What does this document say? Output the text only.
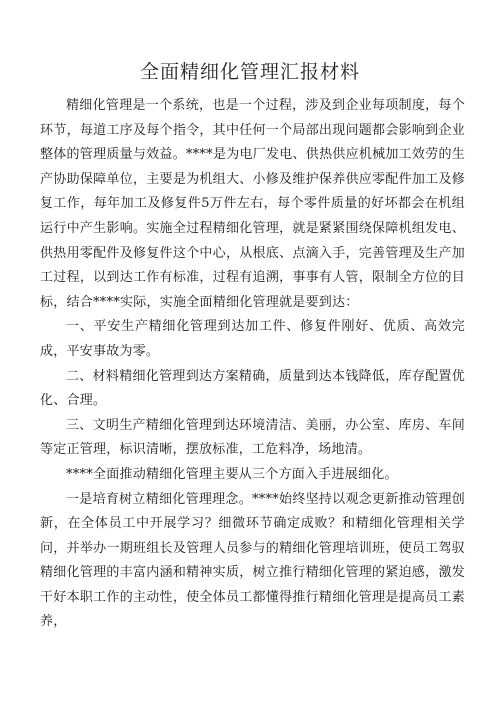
全面精细化管理汇报材料

精细化管理是一个系统，也是一个过程，涉及到企业每项制度，每个环节，每道工序及每个指令，其中任何一个局部出现问题都会影响到企业整体的管理质量与效益。****是为电厂发电、供热供应机械加工效劳的生产协助保障单位，主要是为机组大、小修及维护保养供应零配件加工及修复工作，每年加工及修复件5万件左右，每个零件质量的好坏都会在机组运行中产生影响。实施全过程精细化管理，就是紧紧围绕保障机组发电、供热用零配件及修复件这个中心，从根底、点滴入手，完善管理及生产加工过程，以到达工作有标准，过程有追溯，事事有人管，限制全方位的目标，结合****实际，实施全面精细化管理就是要到达：

一、平安生产精细化管理到达加工件、修复件刚好、优质、高效完成，平安事故为零。

二、材料精细化管理到达方案精确，质量到达本钱降低，库存配置优化、合理。

三、文明生产精细化管理到达环境清洁、美丽，办公室、库房、车间等定正管理，标识清晰，摆放标准，工危料净，场地清。

****全面推动精细化管理主要从三个方面入手进展细化。

一是培育树立精细化管理理念。****始终坚持以观念更新推动管理创新，在全体员工中开展学习？细微环节确定成败？和精细化管理相关学问，并举办一期班组长及管理人员参与的精细化管理培训班，使员工驾驭精细化管理的丰富内涵和精神实质，树立推行精细化管理的紧迫感，激发干好本职工作的主动性，使全体员工都懂得推行精细化管理是提高员工素养，
